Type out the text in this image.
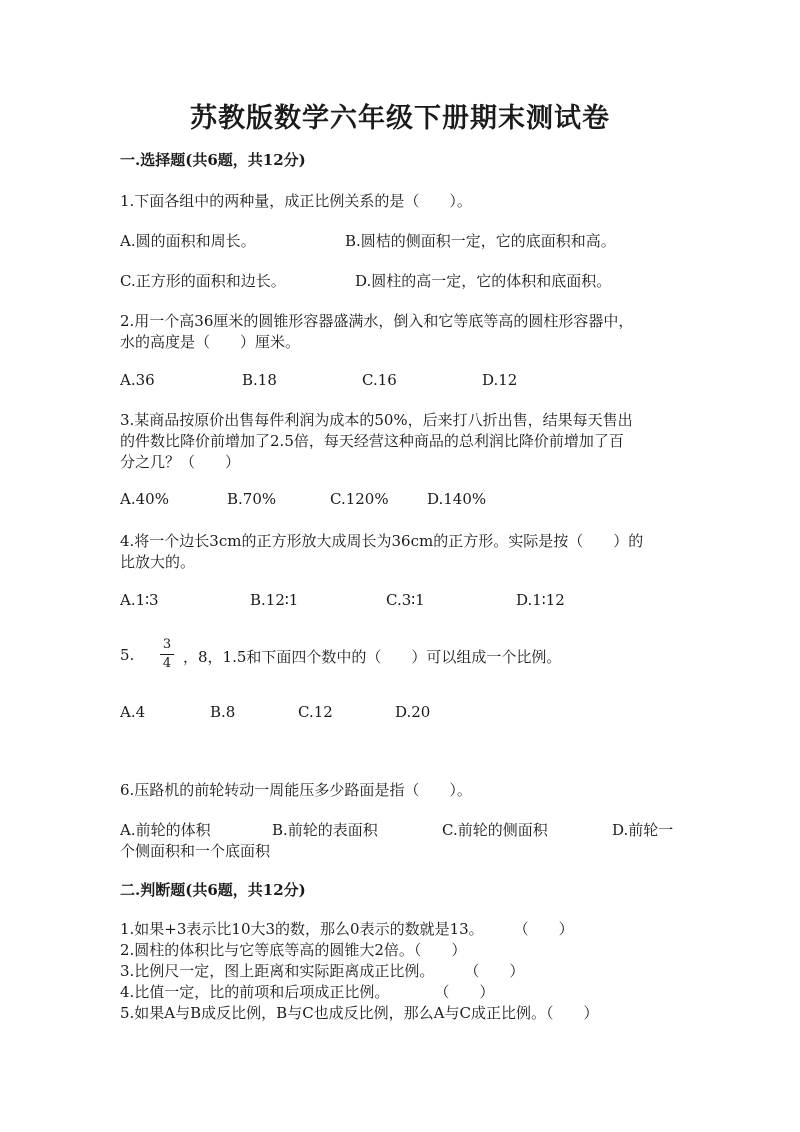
苏教版数学六年级下册期末测试卷
一.选择题(共6题，共12分)
1.下面各组中的两种量，成正比例关系的是（　　）。
A.圆的面积和周长。	B.圆桔的侧面积一定，它的底面积和高。
C.正方形的面积和边长。	D.圆柱的高一定，它的体积和底面积。
2.用一个高36厘米的圆锥形容器盛满水，倒入和它等底等高的圆柱形容器中，
水的高度是（　　）厘米。
A.36	B.18	C.16	D.12
3.某商品按原价出售每件利润为成本的50%，后来打八折出售，结果每天售出
的件数比降价前增加了2.5倍，每天经营这种商品的总利润比降价前增加了百
分之几？（　　）
A.40%	B.70%	C.120%	D.140%
4.将一个边长3cm的正方形放大成周长为36cm的正方形。实际是按（　　）的
比放大的。
A.1∶3	B.12∶1	C.3∶1	D.1∶12
5.
3
4 ，8，1.5和下面四个数中的（　　）可以组成一个比例。
A.4	B.8	C.12	D.20
6.压路机的前轮转动一周能压多少路面是指（　　）。
A.前轮的体积	B.前轮的表面积	C.前轮的侧面积	D.前轮一
个侧面积和一个底面积
二.判断题(共6题，共12分)
1.如果+3表示比10大3的数，那么0表示的数就是13。　　　（　　）
2.圆柱的体积比与它等底等高的圆锥大2倍。（　　）
3.比例尺一定，图上距离和实际距离成正比例。　　　（　　）
4.比值一定，比的前项和后项成正比例。　　　　（　　）
5.如果A与B成反比例，B与C也成反比例，那么A与C成正比例。（　　）
